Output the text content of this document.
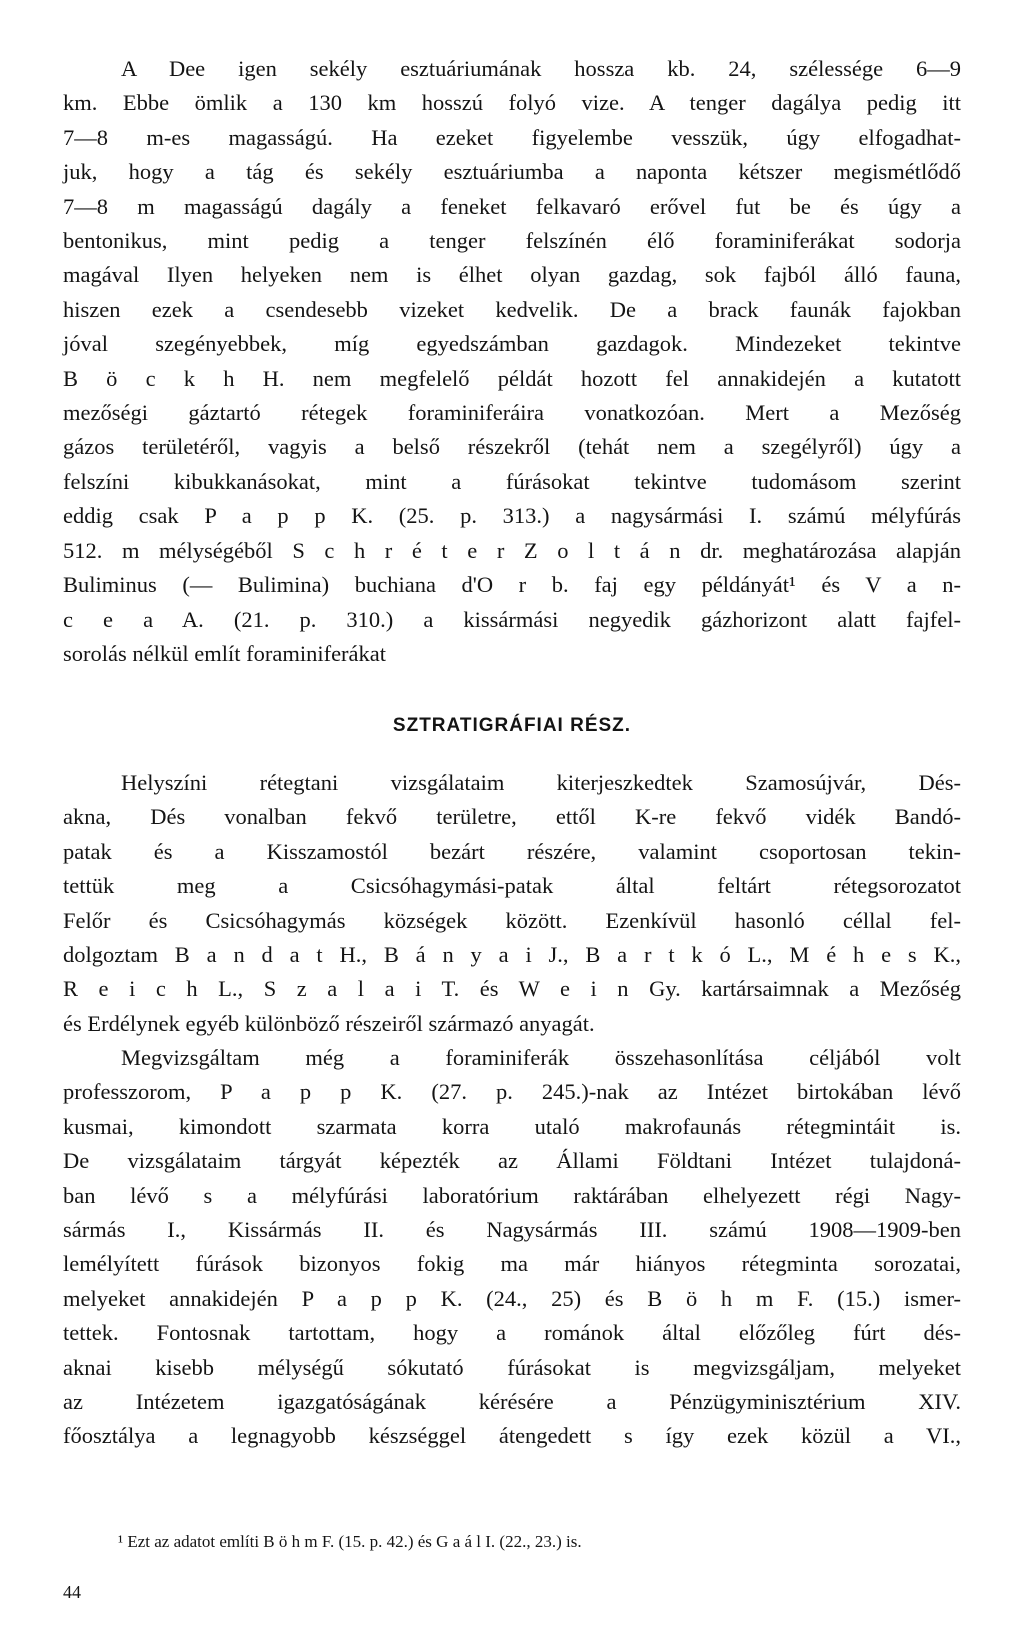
A Dee igen sekély esztuáriumának hossza kb. 24, szélessége 6—9
km. Ebbe ömlik a 130 km hosszú folyó vize. A tenger dagálya pedig itt
7—8 m-es magasságú. Ha ezeket figyelembe vesszük, úgy elfogadhat-
juk, hogy a tág és sekély esztuáriumba a naponta kétszer megismétlődő
7—8 m magasságú dagály a feneket felkavaró erővel fut be és úgy a
bentonikus, mint pedig a tenger felszínén élő foraminiferákat sodorja
magával Ilyen helyeken nem is élhet olyan gazdag, sok fajból álló fauna,
hiszen ezek a csendesebb vizeket kedvelik. De a brack faunák fajokban
jóval szegényebbek, míg egyedszámban gazdagok. Mindezeket tekintve
B ö c k h H. nem megfelelő példát hozott fel annakidején a kutatott
mezőségi gáztartó rétegek foraminiferáira vonatkozóan. Mert a Mezőség
gázos területéről, vagyis a belső részekről (tehát nem a szegélyről) úgy a
felszíni kibukkanásokat, mint a fúrásokat tekintve tudomásom szerint
eddig csak P a p p K. (25. p. 313.) a nagysármási I. számú mélyfúrás
512. m mélységéből S c h r é t e r Z o l t á n dr. meghatározása alapján
Buliminus (— Bulimina) buchiana d'O r b. faj egy példányát¹ és V a n-
c e a A. (21. p. 310.) a kissármási negyedik gázhorizont alatt fajfel-
sorolás nélkül említ foraminiferákat
SZTRATIGRÁFIAI RÉSZ.
Helyszíni rétegtani vizsgálataim kiterjeszkedtek Szamosújvár, Dés-
akna, Dés vonalban fekvő területre, ettől K-re fekvő vidék Bandó-
patak és a Kisszamostól bezárt részére, valamint csoportosan tekin-
tettük meg a Csicsóhagymási-patak által feltárt rétegsorozatot
Felőr és Csicsóhagymás községek között. Ezenkívül hasonló céllal fel-
dolgoztam B a n d a t H., B á n y a i J., B a r t k ó L., M é h e s K.,
R e i c h L., S z a l a i T. és W e i n Gy. kartársaimnak a Mezőség
és Erdélynek egyéb különböző részeiről származó anyagát.
Megvizsgáltam még a foraminiferák összehasonlítása céljából volt
professzorom, P a p p K. (27. p. 245.)-nak az Intézet birtokában lévő
kusmai, kimondott szarmata korra utaló makrofaunás rétegmintáit is.
De vizsgálataim tárgyát képezték az Állami Földtani Intézet tulajdoná-
ban lévő s a mélyfúrási laboratórium raktárában elhelyezett régi Nagy-
sármás I., Kissármás II. és Nagysármás III. számú 1908—1909-ben
lemélyített fúrások bizonyos fokig ma már hiányos rétegminta sorozatai,
melyeket annakidején P a p p K. (24., 25) és B ö h m F. (15.) ismer-
tettek. Fontosnak tartottam, hogy a románok által előzőleg fúrt dés-
aknai kisebb mélységű sókutató fúrásokat is megvizsgáljam, melyeket
az Intézetem igazgatóságának kérésére a Pénzügyminisztérium XIV.
főosztálya a legnagyobb készséggel átengedett s így ezek közül a VI.,
¹ Ezt az adatot említi B ö h m F. (15. p. 42.) és G a á l I. (22., 23.) is.
44
